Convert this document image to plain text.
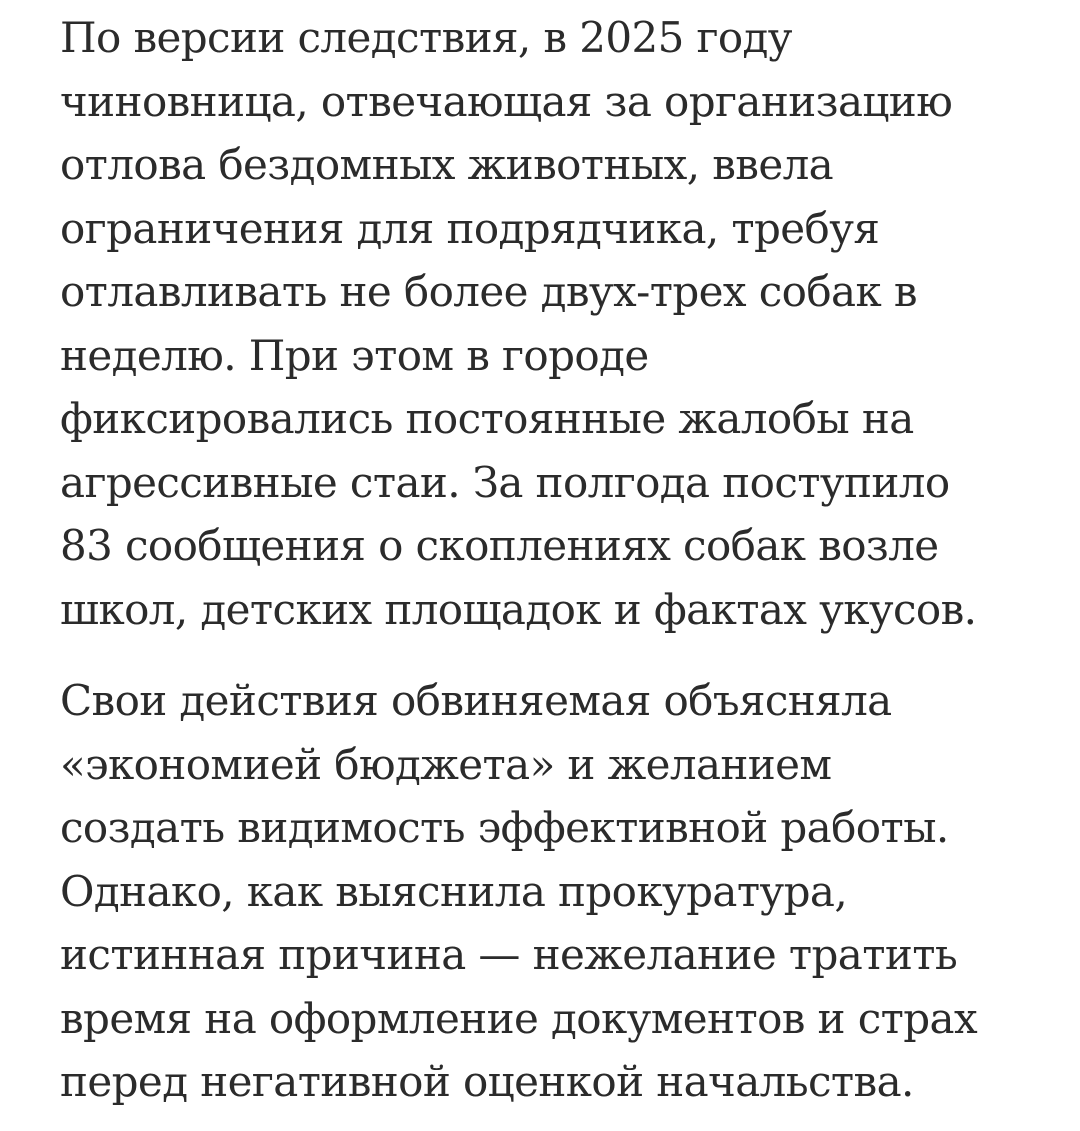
По версии следствия, в 2025 году
чиновница, отвечающая за организацию
отлова бездомных животных, ввела
ограничения для подрядчика, требуя
отлавливать не более двух-трех собак в
неделю. При этом в городе
фиксировались постоянные жалобы на
агрессивные стаи. За полгода поступило
83 сообщения о скоплениях собак возле
школ, детских площадок и фактах укусов.

Свои действия обвиняемая объясняла
«экономией бюджета» и желанием
создать видимость эффективной работы.
Однако, как выяснила прокуратура,
истинная причина — нежелание тратить
время на оформление документов и страх
перед негативной оценкой начальства.
